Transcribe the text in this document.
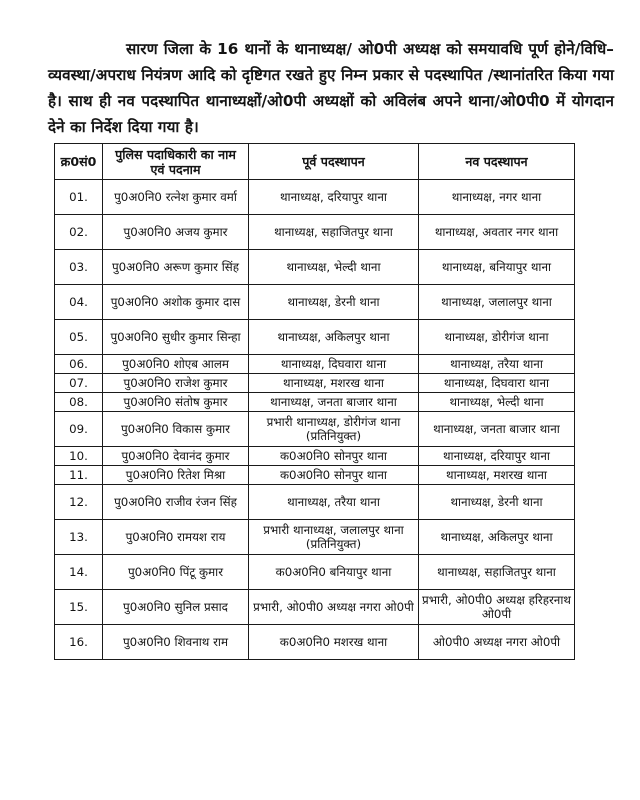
सारण जिला के 16 थानों के थानाध्यक्ष/ ओ0पी अध्यक्ष को समयावधि पूर्ण होने/विधि–व्यवस्था/अपराध नियंत्रण आदि को दृष्टिगत रखते हुए निम्न प्रकार से पदस्थापित /स्थानांतरित किया गया है। साथ ही नव पदस्थापित थानाध्यक्षों/ओ0पी अध्यक्षों को अविलंब अपने थाना/ओ0पी0 में योगदान देने का निर्देश दिया गया है।

क्र0सं0	पुलिस पदाधिकारी का नाम एवं पदनाम	पूर्व पदस्थापन	नव पदस्थापन
01.	पु0अ0नि0 रत्नेश कुमार वर्मा	थानाध्यक्ष, दरियापुर थाना	थानाध्यक्ष, नगर थाना
02.	पु0अ0नि0 अजय कुमार	थानाध्यक्ष, सहाजितपुर थाना	थानाध्यक्ष, अवतार नगर थाना
03.	पु0अ0नि0 अरूण कुमार सिंह	थानाध्यक्ष, भेल्दी थाना	थानाध्यक्ष, बनियापुर थाना
04.	पु0अ0नि0 अशोक कुमार दास	थानाध्यक्ष, डेरनी थाना	थानाध्यक्ष, जलालपुर थाना
05.	पु0अ0नि0 सुधीर कुमार सिन्हा	थानाध्यक्ष, अकिलपुर थाना	थानाध्यक्ष, डोरीगंज थाना
06.	पु0अ0नि0 शोएब आलम	थानाध्यक्ष, दिघवारा थाना	थानाध्यक्ष, तरैया थाना
07.	पु0अ0नि0 राजेश कुमार	थानाध्यक्ष, मशरख थाना	थानाध्यक्ष, दिघवारा थाना
08.	पु0अ0नि0 संतोष कुमार	थानाध्यक्ष, जनता बाजार थाना	थानाध्यक्ष, भेल्दी थाना
09.	पु0अ0नि0 विकास कुमार	प्रभारी थानाध्यक्ष, डोरीगंज थाना (प्रतिनियुक्त)	थानाध्यक्ष, जनता बाजार थाना
10.	पु0अ0नि0 देवानंद कुमार	क0अ0नि0 सोनपुर थाना	थानाध्यक्ष, दरियापुर थाना
11.	पु0अ0नि0 रितेश मिश्रा	क0अ0नि0 सोनपुर थाना	थानाध्यक्ष, मशरख थाना
12.	पु0अ0नि0 राजीव रंजन सिंह	थानाध्यक्ष, तरैया थाना	थानाध्यक्ष, डेरनी थाना
13.	पु0अ0नि0 रामयश राय	प्रभारी थानाध्यक्ष, जलालपुर थाना (प्रतिनियुक्त)	थानाध्यक्ष, अकिलपुर थाना
14.	पु0अ0नि0 पिंटू कुमार	क0अ0नि0 बनियापुर थाना	थानाध्यक्ष, सहाजितपुर थाना
15.	पु0अ0नि0 सुनिल प्रसाद	प्रभारी, ओ0पी0 अध्यक्ष नगरा ओ0पी	प्रभारी, ओ0पी0 अध्यक्ष हरिहरनाथ ओ0पी
16.	पु0अ0नि0 शिवनाथ राम	क0अ0नि0 मशरख थाना	ओ0पी0 अध्यक्ष नगरा ओ0पी
